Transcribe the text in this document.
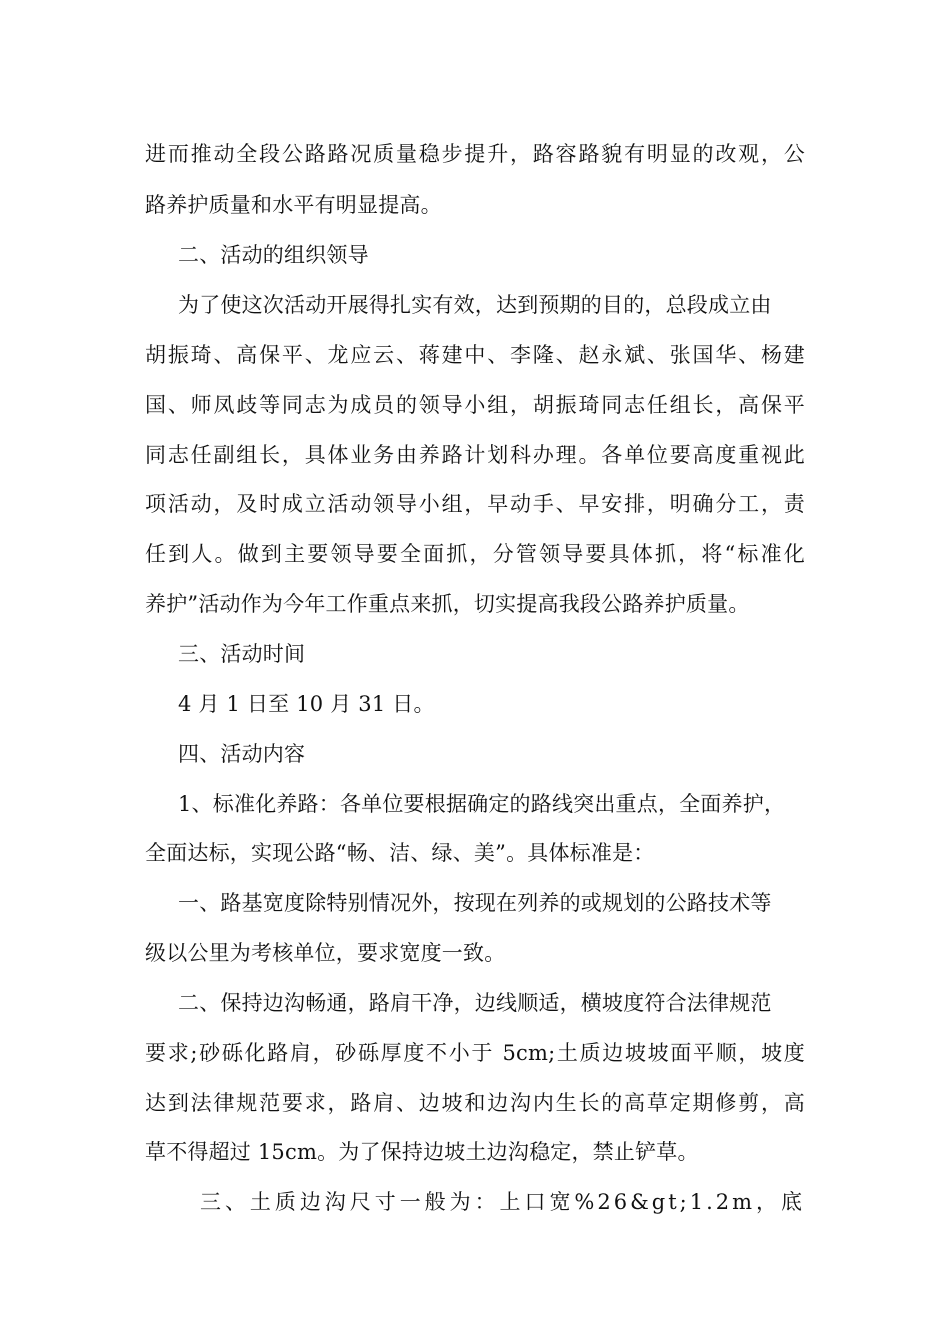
进而推动全段公路路况质量稳步提升，路容路貌有明显的改观，公
路养护质量和水平有明显提高。
二、活动的组织领导
为了使这次活动开展得扎实有效，达到预期的目的，总段成立由
胡振琦、高保平、龙应云、蒋建中、李隆、赵永斌、张国华、杨建
国、师凤歧等同志为成员的领导小组，胡振琦同志任组长，高保平
同志任副组长，具体业务由养路计划科办理。各单位要高度重视此
项活动，及时成立活动领导小组，早动手、早安排，明确分工，责
任到人。做到主要领导要全面抓，分管领导要具体抓，将“标准化
养护”活动作为今年工作重点来抓，切实提高我段公路养护质量。
三、活动时间
4 月 1 日至 10 月 31 日。
四、活动内容
1、标准化养路：各单位要根据确定的路线突出重点，全面养护，
全面达标，实现公路“畅、洁、绿、美”。具体标准是：
一、路基宽度除特别情况外，按现在列养的或规划的公路技术等
级以公里为考核单位，要求宽度一致。
二、保持边沟畅通，路肩干净，边线顺适，横坡度符合法律规范
要求;砂砾化路肩，砂砾厚度不小于 5cm;土质边坡坡面平顺，坡度
达到法律规范要求，路肩、边坡和边沟内生长的高草定期修剪，高
草不得超过 15cm。为了保持边坡土边沟稳定，禁止铲草。
三、土质边沟尺寸一般为：上口宽%26&gt;1.2m，底
